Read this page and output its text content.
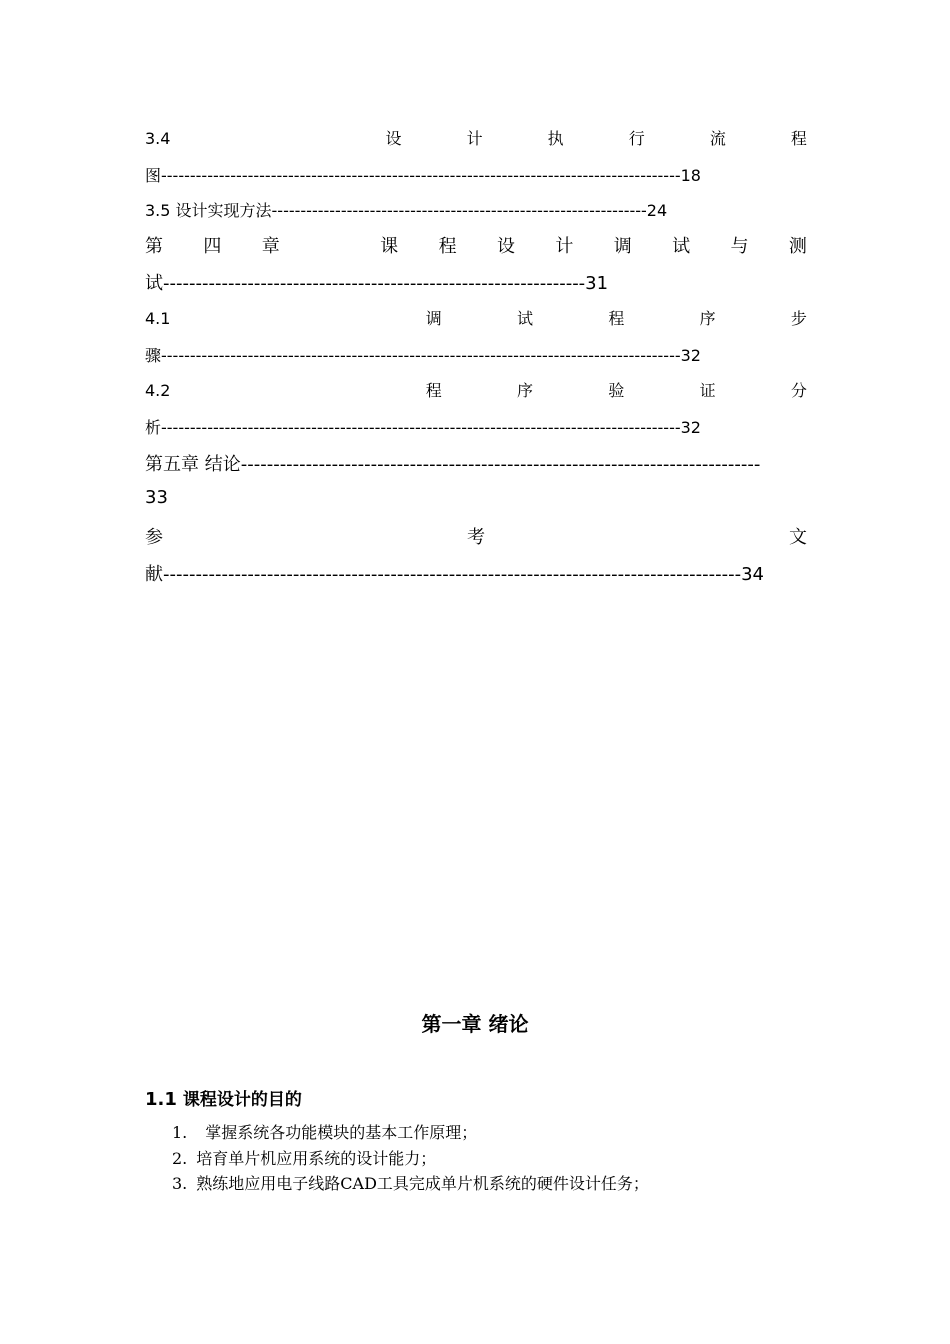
3.4	设	计	执	行	流	程
图------------------------------------------------------------------------------------------18
3.5 设计实现方法-----------------------------------------------------------------24
第 四 章	课 程 设 计 调 试 与 测
试-----------------------------------------------------------------31
4.1	调	试	程	序	步
骤------------------------------------------------------------------------------------------32
4.2	程	序	验	证	分
析------------------------------------------------------------------------------------------32
第五章 结论--------------------------------------------------------------------------------
33
参	考	文
献-----------------------------------------------------------------------------------------34
第一章 绪论
1.1 课程设计的目的
1. 掌握系统各功能模块的基本工作原理；
2. 培育单片机应用系统的设计能力；
3. 熟练地应用电子线路CAD工具完成单片机系统的硬件设计任务；
